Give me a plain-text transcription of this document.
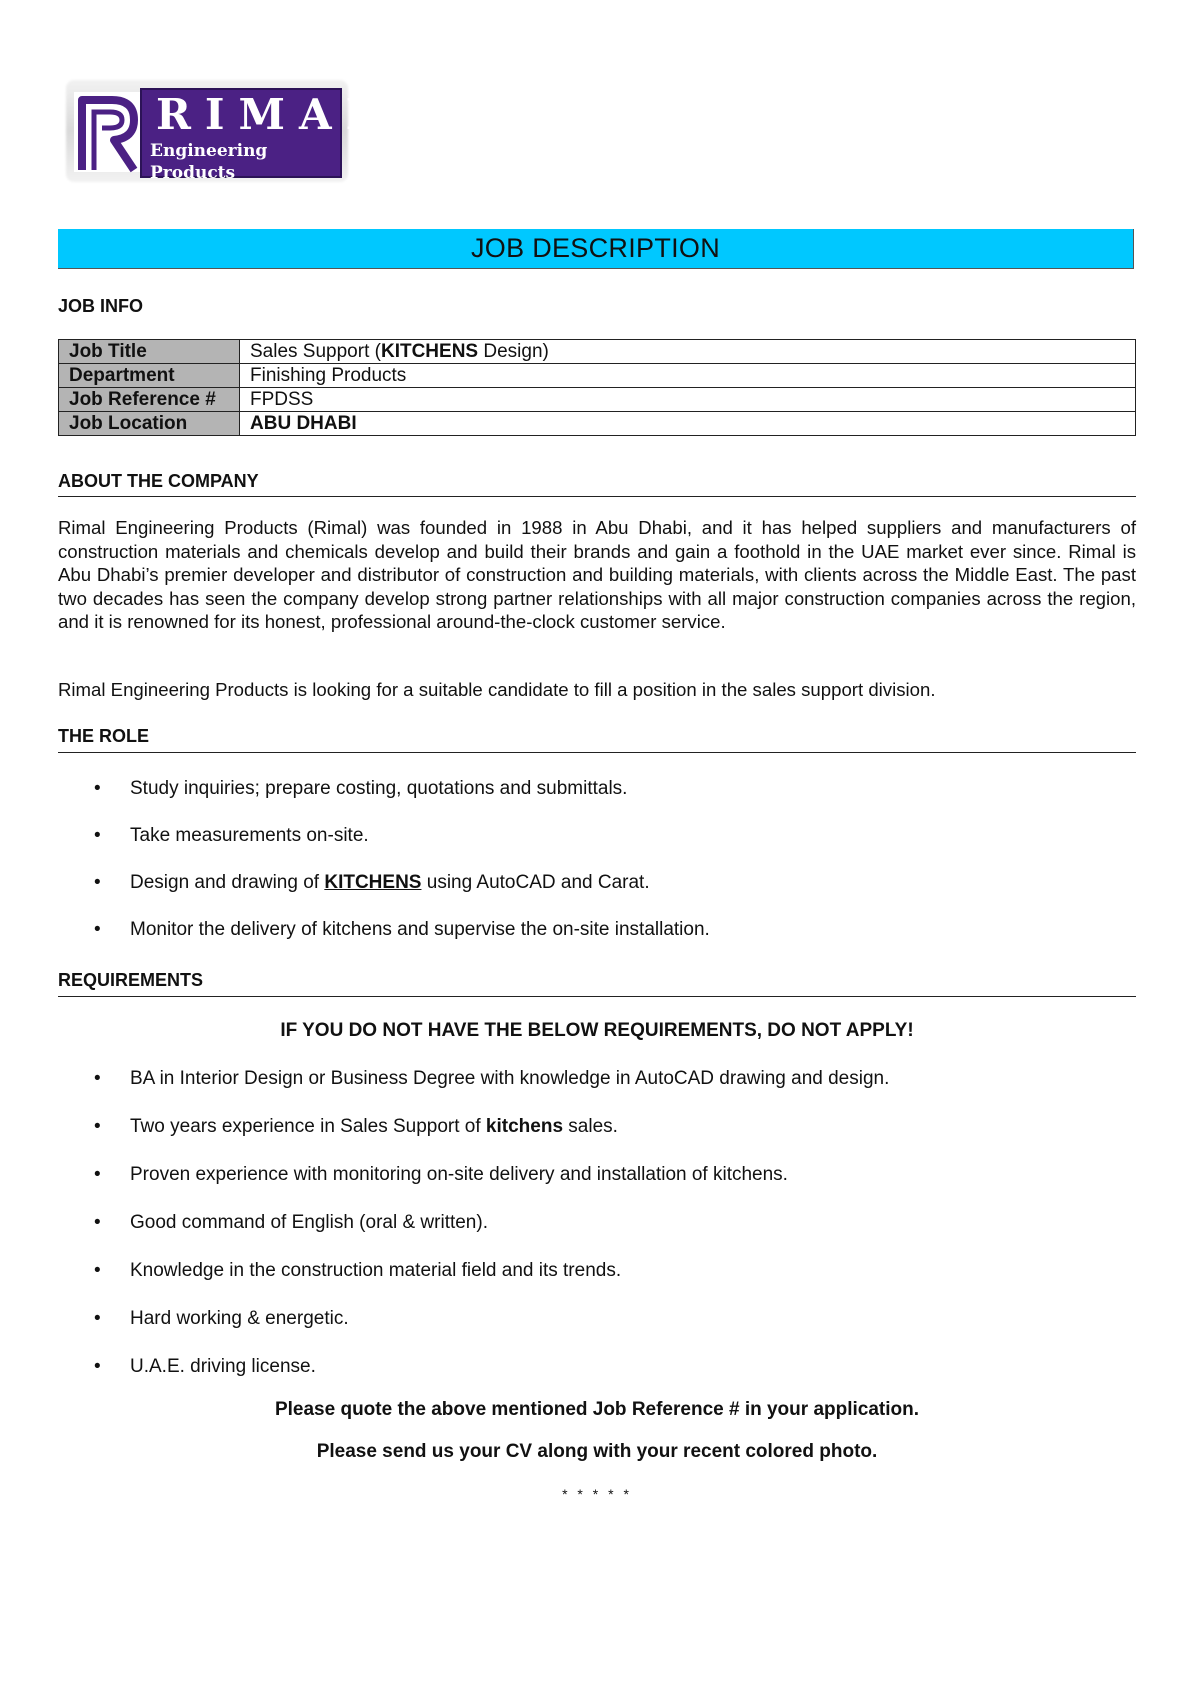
RIMAL
Engineering Products
JOB DESCRIPTION
JOB INFO
Job Title	Sales Support (KITCHENS Design)
Department	Finishing Products
Job Reference #	FPDSS
Job Location	ABU DHABI
ABOUT THE COMPANY

Rimal Engineering Products (Rimal) was founded in 1988 in Abu Dhabi, and it has helped suppliers and manufacturers of construction materials and chemicals develop and build their brands and gain a foothold in the UAE market ever since. Rimal is Abu Dhabi’s premier developer and distributor of construction and building materials, with clients across the Middle East. The past two decades has seen the company develop strong partner relationships with all major construction companies across the region, and it is renowned for its honest, professional around-the-clock customer service.

Rimal Engineering Products is looking for a suitable candidate to fill a position in the sales support division.

THE ROLE
• Study inquiries; prepare costing, quotations and submittals.
• Take measurements on-site.
• Design and drawing of KITCHENS using AutoCAD and Carat.
• Monitor the delivery of kitchens and supervise the on-site installation.
REQUIREMENTS
IF YOU DO NOT HAVE THE BELOW REQUIREMENTS, DO NOT APPLY!
• BA in Interior Design or Business Degree with knowledge in AutoCAD drawing and design.
• Two years experience in Sales Support of kitchens sales.
• Proven experience with monitoring on-site delivery and installation of kitchens.
• Good command of English (oral & written).
• Knowledge in the construction material field and its trends.
• Hard working & energetic.
• U.A.E. driving license.
Please quote the above mentioned Job Reference # in your application.
Please send us your CV along with your recent colored photo.
* * * * *
